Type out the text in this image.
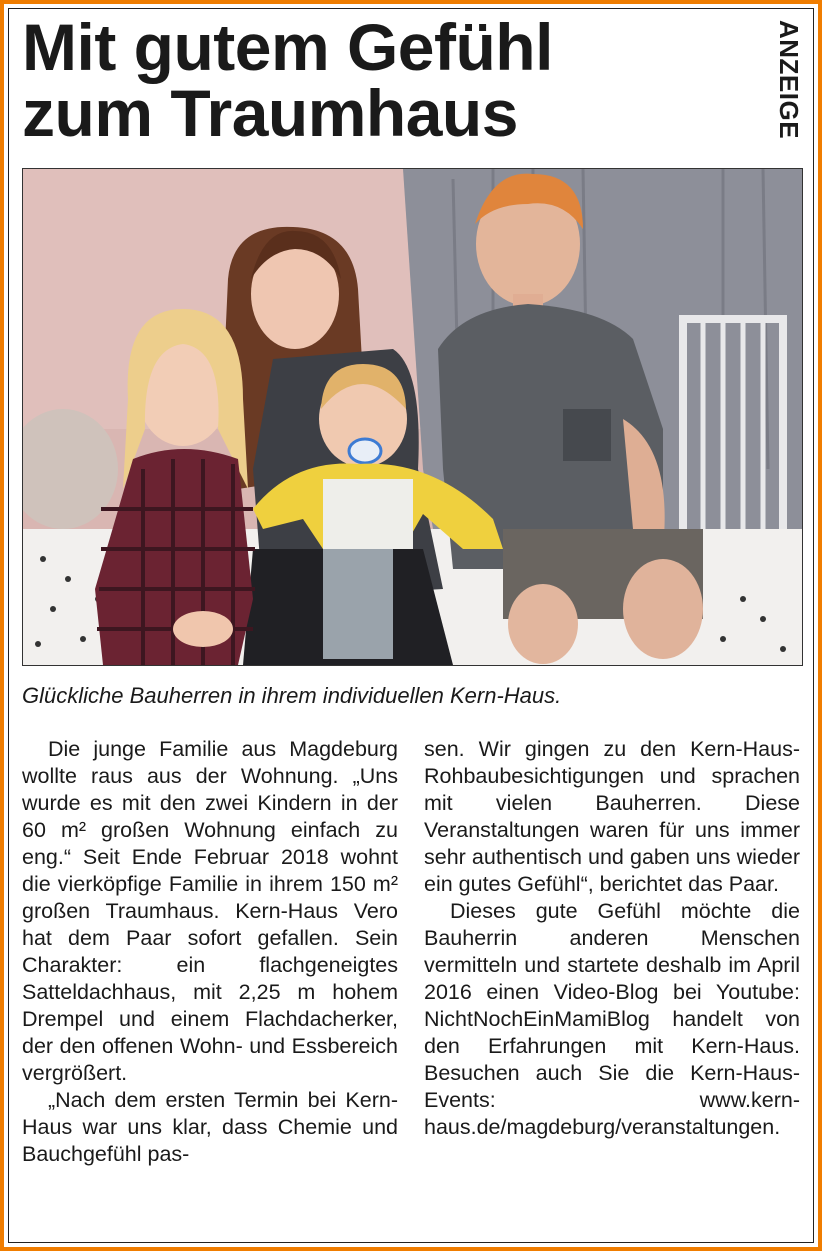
Mit gutem Gefühl
zum Traumhaus	ANZEIGE
Glückliche Bauherren in ihrem individuellen Kern-Haus.

Die junge Familie aus Magdeburg wollte raus aus der Wohnung. „Uns wurde es mit den zwei Kindern in der 60 m² großen Wohnung einfach zu eng.“ Seit Ende Februar 2018 wohnt die vierköpfige Familie in ihrem 150 m² großen Traumhaus. Kern-Haus Vero hat dem Paar sofort gefallen. Sein Charakter: ein flachgeneigtes Satteldachhaus, mit 2,25 m hohem Drempel und einem Flachdacherker, der den offenen Wohn- und Essbereich vergrößert.

„Nach dem ersten Termin bei Kern-Haus war uns klar, dass Chemie und Bauchgefühl pas-

sen. Wir gingen zu den Kern-Haus-Rohbaubesichtigungen und sprachen mit vielen Bauherren. Diese Veranstaltungen waren für uns immer sehr authentisch und gaben uns wieder ein gutes Gefühl“, berichtet das Paar.

Dieses gute Gefühl möchte die Bauherrin anderen Menschen vermitteln und startete deshalb im April 2016 einen Video-Blog bei Youtube: NichtNochEinMamiBlog handelt von den Erfahrungen mit Kern-Haus. Besuchen auch Sie die Kern-Haus-Events: www.kern-haus.de/magdeburg/veranstaltungen.
